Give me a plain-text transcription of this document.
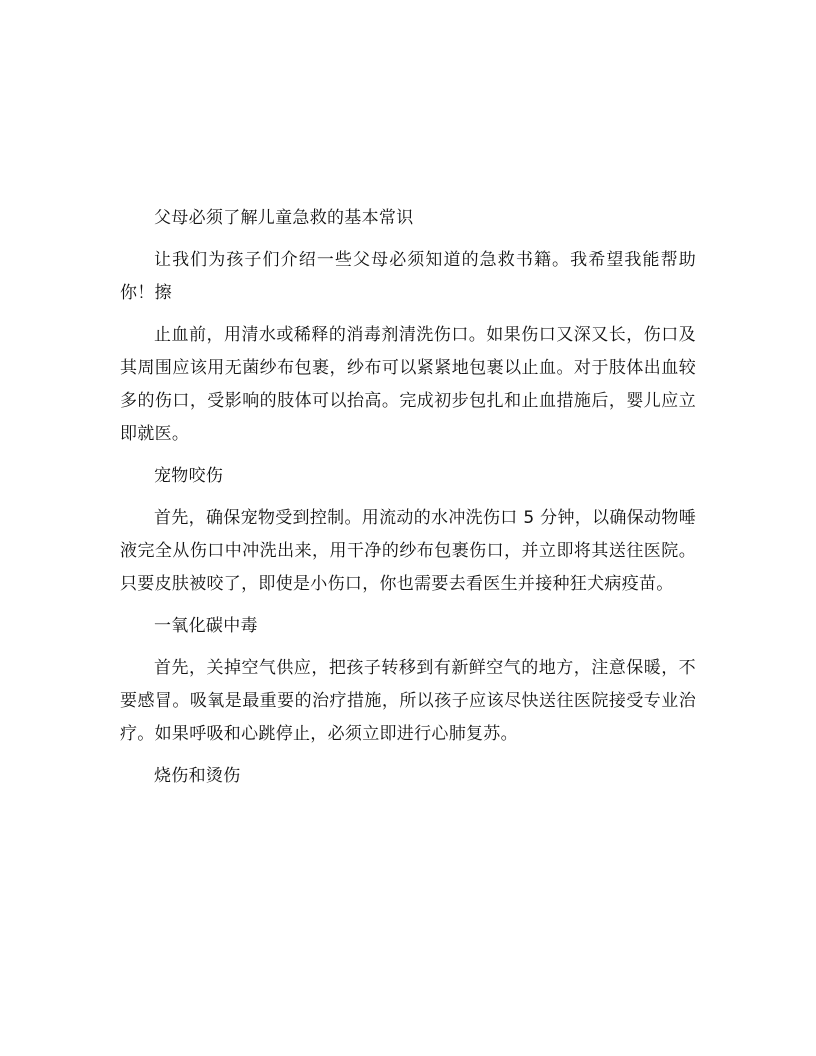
父母必须了解儿童急救的基本常识

让我们为孩子们介绍一些父母必须知道的急救书籍。我希望我能帮助你！擦

止血前，用清水或稀释的消毒剂清洗伤口。如果伤口又深又长，伤口及其周围应该用无菌纱布包裹，纱布可以紧紧地包裹以止血。对于肢体出血较多的伤口，受影响的肢体可以抬高。完成初步包扎和止血措施后，婴儿应立即就医。

宠物咬伤

首先，确保宠物受到控制。用流动的水冲洗伤口 5 分钟，以确保动物唾液完全从伤口中冲洗出来，用干净的纱布包裹伤口，并立即将其送往医院。只要皮肤被咬了，即使是小伤口，你也需要去看医生并接种狂犬病疫苗。

一氧化碳中毒

首先，关掉空气供应，把孩子转移到有新鲜空气的地方，注意保暖，不要感冒。吸氧是最重要的治疗措施，所以孩子应该尽快送往医院接受专业治疗。如果呼吸和心跳停止，必须立即进行心肺复苏。

烧伤和烫伤
